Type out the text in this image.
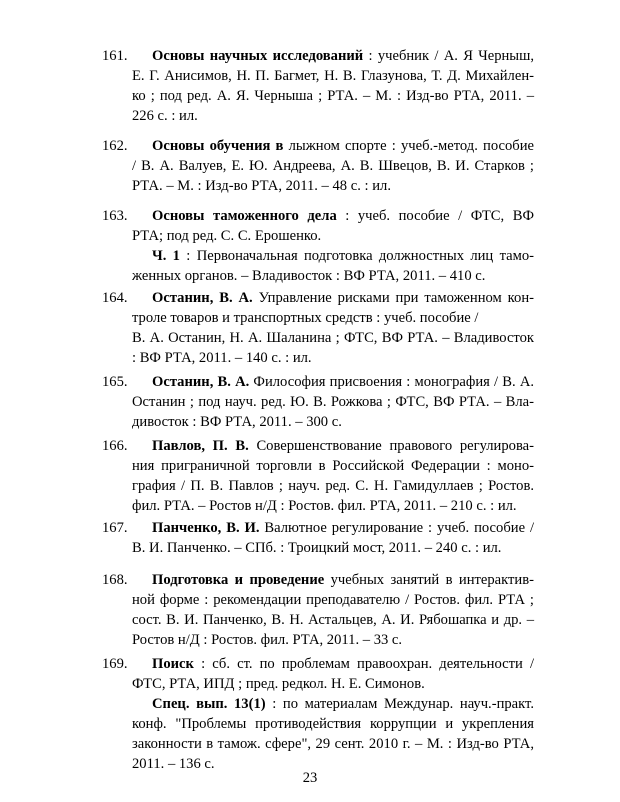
161.	Основы научных исследований : учебник / А. Я Черныш,
Е. Г. Анисимов, Н. П. Багмет, Н. В. Глазунова, Т. Д. Михайлен-
ко ; под ред. А. Я. Черныша ; РТА. – М. : Изд-во РТА, 2011. –
226 с. : ил.
162.	Основы обучения в лыжном спорте : учеб.-метод. пособие
/ В. А. Валуев, Е. Ю. Андреева, А. В. Швецов, В. И. Старков ;
РТА. – М. : Изд-во РТА, 2011. – 48 с. : ил.
163.	Основы таможенного дела : учеб. пособие / ФТС, ВФ
РТА; под ред. С. С. Ерошенко.
Ч. 1 : Первоначальная подготовка должностных лиц тамо-
женных органов. – Владивосток : ВФ РТА, 2011. – 410 с.
164.	Останин, В. А. Управление рисками при таможенном кон-
троле товаров и транспортных средств : учеб. пособие /
В. А. Останин, Н. А. Шаланина ; ФТС, ВФ РТА. – Владивосток
: ВФ РТА, 2011. – 140 с. : ил.
165.	Останин, В. А. Философия присвоения : монография / В. А.
Останин ; под науч. ред. Ю. В. Рожкова ; ФТС, ВФ РТА. – Вла-
дивосток : ВФ РТА, 2011. – 300 с.
166.	Павлов, П. В. Совершенствование правового регулирова-
ния приграничной торговли в Российской Федерации : моно-
графия / П. В. Павлов ; науч. ред. С. Н. Гамидуллаев ; Ростов.
фил. РТА. – Ростов н/Д : Ростов. фил. РТА, 2011. – 210 с. : ил.
167.	Панченко, В. И. Валютное регулирование : учеб. пособие /
В. И. Панченко. – СПб. : Троицкий мост, 2011. – 240 с. : ил.
168.	Подготовка и проведение учебных занятий в интерактив-
ной форме : рекомендации преподавателю / Ростов. фил. РТА ;
сост. В. И. Панченко, В. Н. Астальцев, А. И. Рябошапка и др. –
Ростов н/Д : Ростов. фил. РТА, 2011. – 33 с.
169.	Поиск : сб. ст. по проблемам правоохран. деятельности /
ФТС, РТА, ИПД ; пред. редкол. Н. Е. Симонов.
Спец. вып. 13(1) : по материалам Междунар. науч.-практ.
конф. "Проблемы противодействия коррупции и укрепления
законности в тамож. сфере", 29 сент. 2010 г. – М. : Изд-во РТА,
2011. – 136 с.
23
